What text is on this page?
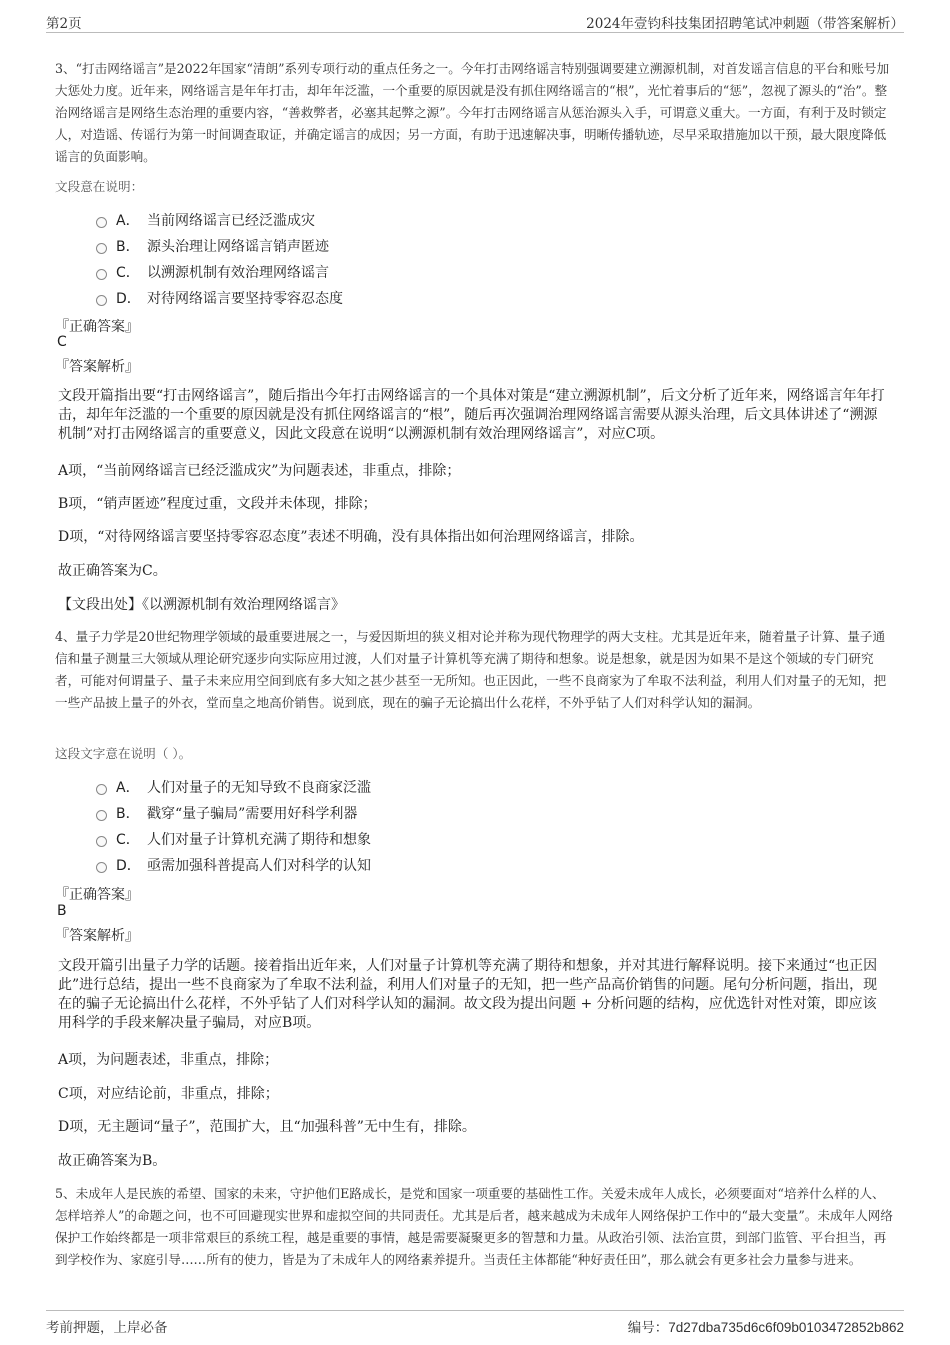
第2页	2024年壹钧科技集团招聘笔试冲刺题（带答案解析）
3、“打击网络谣言”是2022年国家“清朗”系列专项行动的重点任务之一。今年打击网络谣言特别强调要建立溯源机制，对首发谣言信息的平台和账号加大惩处力度。近年来，网络谣言是年年打击，却年年泛滥，一个重要的原因就是没有抓住网络谣言的“根”，光忙着事后的“惩”，忽视了源头的“治”。整治网络谣言是网络生态治理的重要内容，“善救弊者，必塞其起弊之源”。今年打击网络谣言从惩治源头入手，可谓意义重大。一方面，有利于及时锁定人，对造谣、传谣行为第一时间调查取证，并确定谣言的成因；另一方面，有助于迅速解决事，明晰传播轨迹，尽早采取措施加以干预，最大限度降低谣言的负面影响。
文段意在说明：
A． 当前网络谣言已经泛滥成灾
B． 源头治理让网络谣言销声匿迹
C． 以溯源机制有效治理网络谣言
D． 对待网络谣言要坚持零容忍态度
『正确答案』
C
『答案解析』
文段开篇指出要“打击网络谣言”，随后指出今年打击网络谣言的一个具体对策是“建立溯源机制”，后文分析了近年来，网络谣言年年打击，却年年泛滥的一个重要的原因就是没有抓住网络谣言的“根”，随后再次强调治理网络谣言需要从源头治理，后文具体讲述了“溯源机制”对打击网络谣言的重要意义，因此文段意在说明“以溯源机制有效治理网络谣言”，对应C项。
A项，“当前网络谣言已经泛滥成灾”为问题表述，非重点，排除；
B项，“销声匿迹”程度过重，文段并未体现，排除；
D项，“对待网络谣言要坚持零容忍态度”表述不明确，没有具体指出如何治理网络谣言，排除。
故正确答案为C。
【文段出处】《以溯源机制有效治理网络谣言》
4、量子力学是20世纪物理学领域的最重要进展之一，与爱因斯坦的狭义相对论并称为现代物理学的两大支柱。尤其是近年来，随着量子计算、量子通信和量子测量三大领域从理论研究逐步向实际应用过渡，人们对量子计算机等充满了期待和想象。说是想象，就是因为如果不是这个领域的专门研究者，可能对何谓量子、量子未来应用空间到底有多大知之甚少甚至一无所知。也正因此，一些不良商家为了牟取不法利益，利用人们对量子的无知，把一些产品披上量子的外衣，堂而皇之地高价销售。说到底，现在的骗子无论搞出什么花样，不外乎钻了人们对科学认知的漏洞。
这段文字意在说明（ ）。
A． 人们对量子的无知导致不良商家泛滥
B． 戳穿“量子骗局”需要用好科学利器
C． 人们对量子计算机充满了期待和想象
D． 亟需加强科普提高人们对科学的认知
『正确答案』
B
『答案解析』
文段开篇引出量子力学的话题。接着指出近年来，人们对量子计算机等充满了期待和想象，并对其进行解释说明。接下来通过“也正因此”进行总结，提出一些不良商家为了牟取不法利益，利用人们对量子的无知，把一些产品高价销售的问题。尾句分析问题，指出，现在的骗子无论搞出什么花样，不外乎钻了人们对科学认知的漏洞。故文段为提出问题 + 分析问题的结构，应优选针对性对策，即应该用科学的手段来解决量子骗局，对应B项。
A项，为问题表述，非重点，排除；
C项，对应结论前，非重点，排除；
D项，无主题词“量子”，范围扩大，且“加强科普”无中生有，排除。
故正确答案为B。
5、未成年人是民族的希望、国家的未来，守护他们E路成长，是党和国家一项重要的基础性工作。关爱未成年人成长，必须要面对“培养什么样的人、怎样培养人”的命题之问，也不可回避现实世界和虚拟空间的共同责任。尤其是后者，越来越成为未成年人网络保护工作中的“最大变量”。未成年人网络保护工作始终都是一项非常艰巨的系统工程，越是重要的事情，越是需要凝聚更多的智慧和力量。从政治引领、法治宣贯，到部门监管、平台担当，再到学校作为、家庭引导……所有的使力，皆是为了未成年人的网络素养提升。当责任主体都能“种好责任田”，那么就会有更多社会力量参与进来。
考前押题，上岸必备	编号：7d27dba735d6c6f09b0103472852b862
